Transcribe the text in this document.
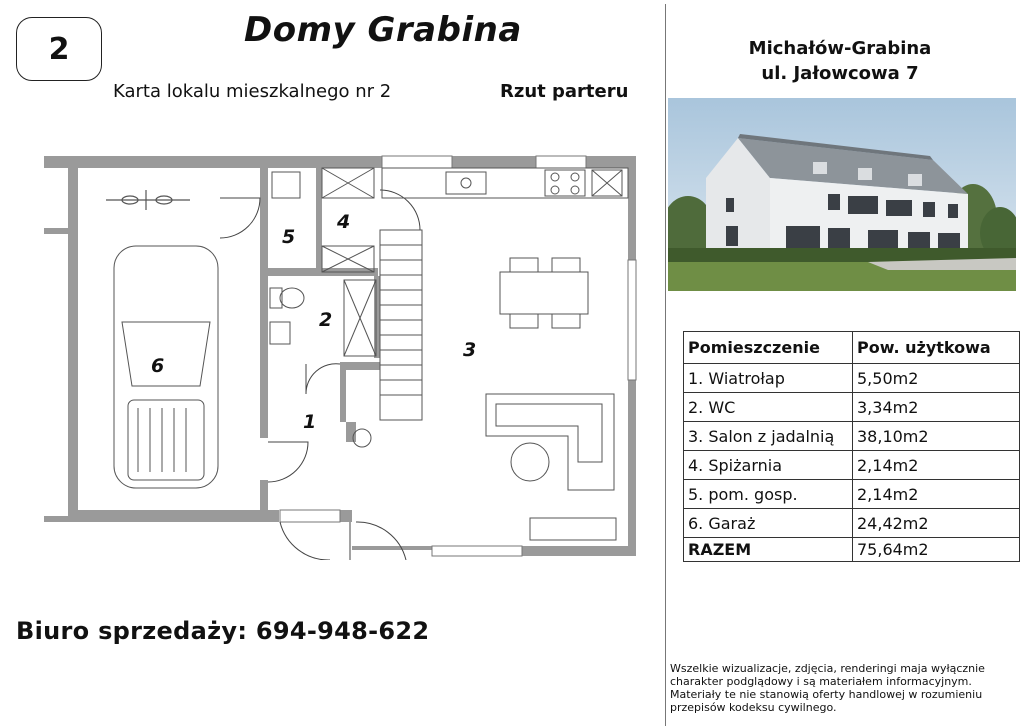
2	Domy Grabina
Karta lokalu mieszkalnego nr 2	Rzut parteru
Michałów-Grabina
ul. Jałowcowa 7
Pomieszczenie	Pow. użytkowa
1. Wiatrołap	5,50m2
2. WC	3,34m2
3. Salon z jadalnią	38,10m2
4. Spiżarnia	2,14m2
5. pom. gosp.	2,14m2
6. Garaż	24,42m2
RAZEM	75,64m2
Biuro sprzedaży: 694-948-622
Wszelkie wizualizacje, zdjęcia, renderingi maja wyłącznie charakter podglądowy i są materiałem informacyjnym. Materiały te nie stanowią oferty handlowej w rozumieniu przepisów kodeksu cywilnego.
1
2
3
4
5
6
